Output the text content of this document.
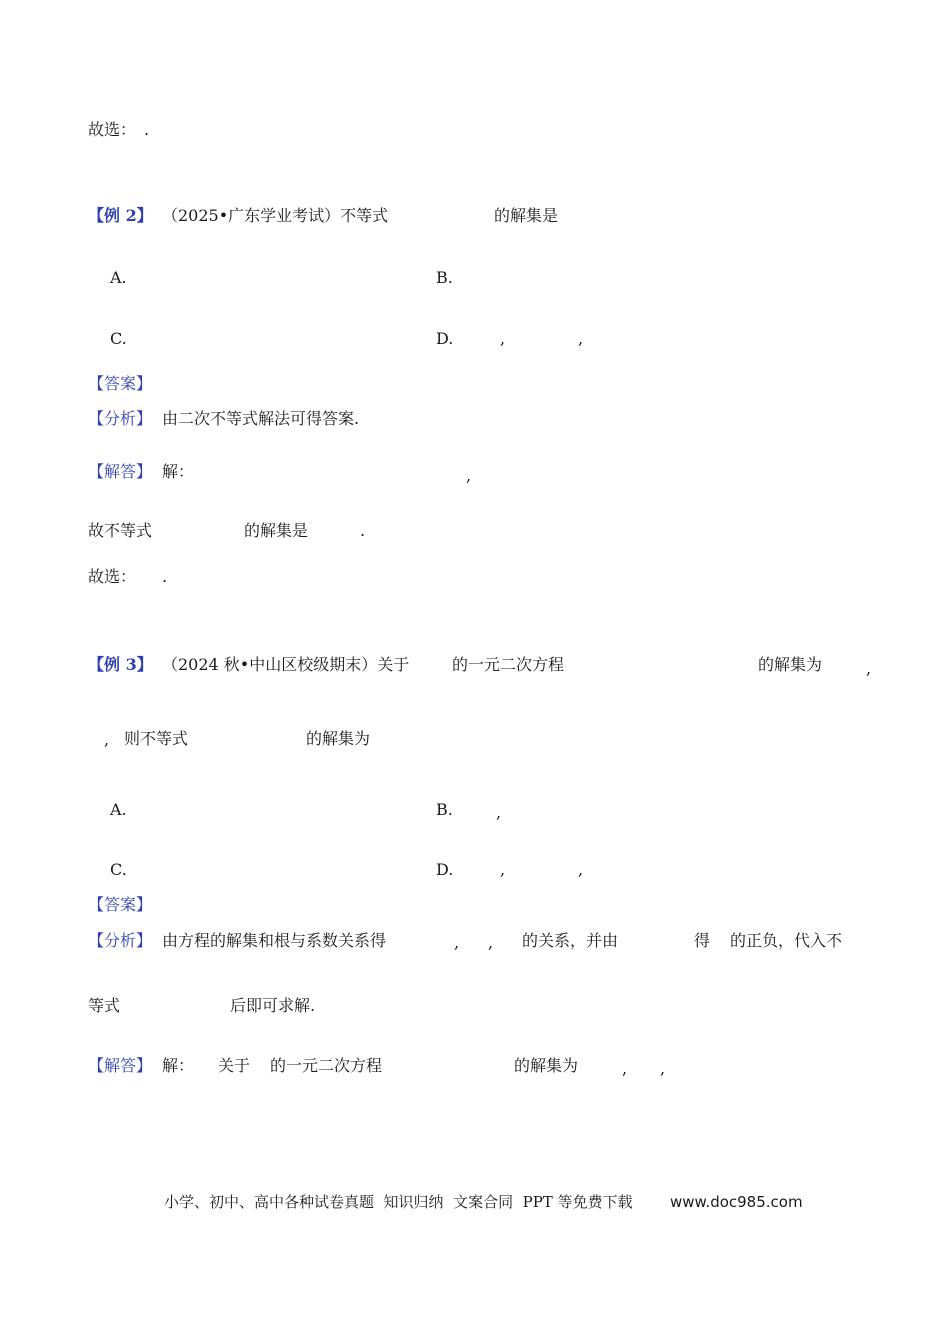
故选：　.
【例 2】 （2025•广东学业考试）不等式	的解集是
A.	B.
C.	D.	,	,
【答案】
【分析】 由二次不等式解法可得答案.
【解答】 解：	,
故不等式	的解集是	.
故选： .
【例 3】 （2024 秋•中山区校级期末）关于	的一元二次方程	的解集为	,
, 则不等式	的解集为
A.	B.	,
C.	D.	,	,
【答案】
【分析】 由方程的解集和根与系数关系得	, , 的关系，并由	得 的正负，代入不
等式	后即可求解.
【解答】 解： 关于 的一元二次方程	的解集为	, ,
小学、初中、高中各种试卷真题  知识归纳  文案合同  PPT 等免费下载 www.doc985.com
